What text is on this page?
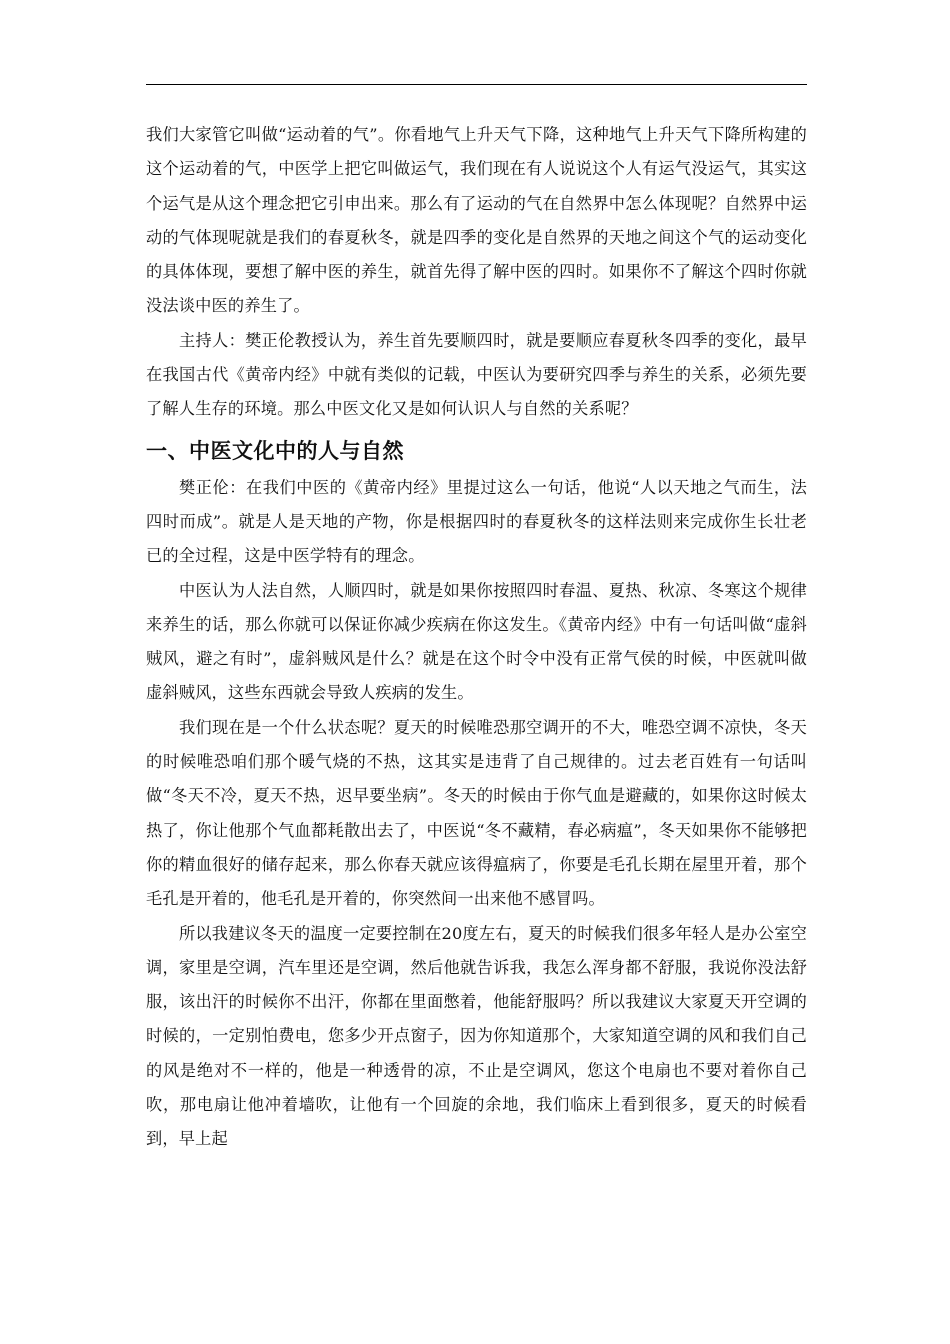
我们大家管它叫做“运动着的气”。你看地气上升天气下降，这种地气上升天气下降所构建的这个运动着的气，中医学上把它叫做运气，我们现在有人说说这个人有运气没运气，其实这个运气是从这个理念把它引申出来。那么有了运动的气在自然界中怎么体现呢？自然界中运动的气体现呢就是我们的春夏秋冬，就是四季的变化是自然界的天地之间这个气的运动变化的具体体现，要想了解中医的养生，就首先得了解中医的四时。如果你不了解这个四时你就没法谈中医的养生了。

主持人：樊正伦教授认为，养生首先要顺四时，就是要顺应春夏秋冬四季的变化，最早在我国古代《黄帝内经》中就有类似的记载，中医认为要研究四季与养生的关系，必须先要了解人生存的环境。那么中医文化又是如何认识人与自然的关系呢？

一、中医文化中的人与自然

樊正伦：在我们中医的《黄帝内经》里提过这么一句话，他说“人以天地之气而生，法四时而成”。就是人是天地的产物，你是根据四时的春夏秋冬的这样法则来完成你生长壮老已的全过程，这是中医学特有的理念。

中医认为人法自然，人顺四时，就是如果你按照四时春温、夏热、秋凉、冬寒这个规律来养生的话，那么你就可以保证你减少疾病在你这发生。《黄帝内经》中有一句话叫做“虚斜贼风，避之有时”，虚斜贼风是什么？就是在这个时令中没有正常气侯的时候，中医就叫做虚斜贼风，这些东西就会导致人疾病的发生。

我们现在是一个什么状态呢？夏天的时候唯恐那空调开的不大，唯恐空调不凉快，冬天的时候唯恐咱们那个暖气烧的不热，这其实是违背了自己规律的。过去老百姓有一句话叫做“冬天不冷，夏天不热，迟早要坐病”。冬天的时候由于你气血是避藏的，如果你这时候太热了，你让他那个气血都耗散出去了，中医说“冬不藏精，春必病瘟”，冬天如果你不能够把你的精血很好的储存起来，那么你春天就应该得瘟病了，你要是毛孔长期在屋里开着，那个毛孔是开着的，他毛孔是开着的，你突然间一出来他不感冒吗。

所以我建议冬天的温度一定要控制在20度左右，夏天的时候我们很多年轻人是办公室空调，家里是空调，汽车里还是空调，然后他就告诉我，我怎么浑身都不舒服，我说你没法舒服，该出汗的时候你不出汗，你都在里面憋着，他能舒服吗？所以我建议大家夏天开空调的时候的，一定别怕费电，您多少开点窗子，因为你知道那个，大家知道空调的风和我们自己的风是绝对不一样的，他是一种透骨的凉，不止是空调风，您这个电扇也不要对着你自己吹，那电扇让他冲着墙吹，让他有一个回旋的余地，我们临床上看到很多，夏天的时候看到，早上起
